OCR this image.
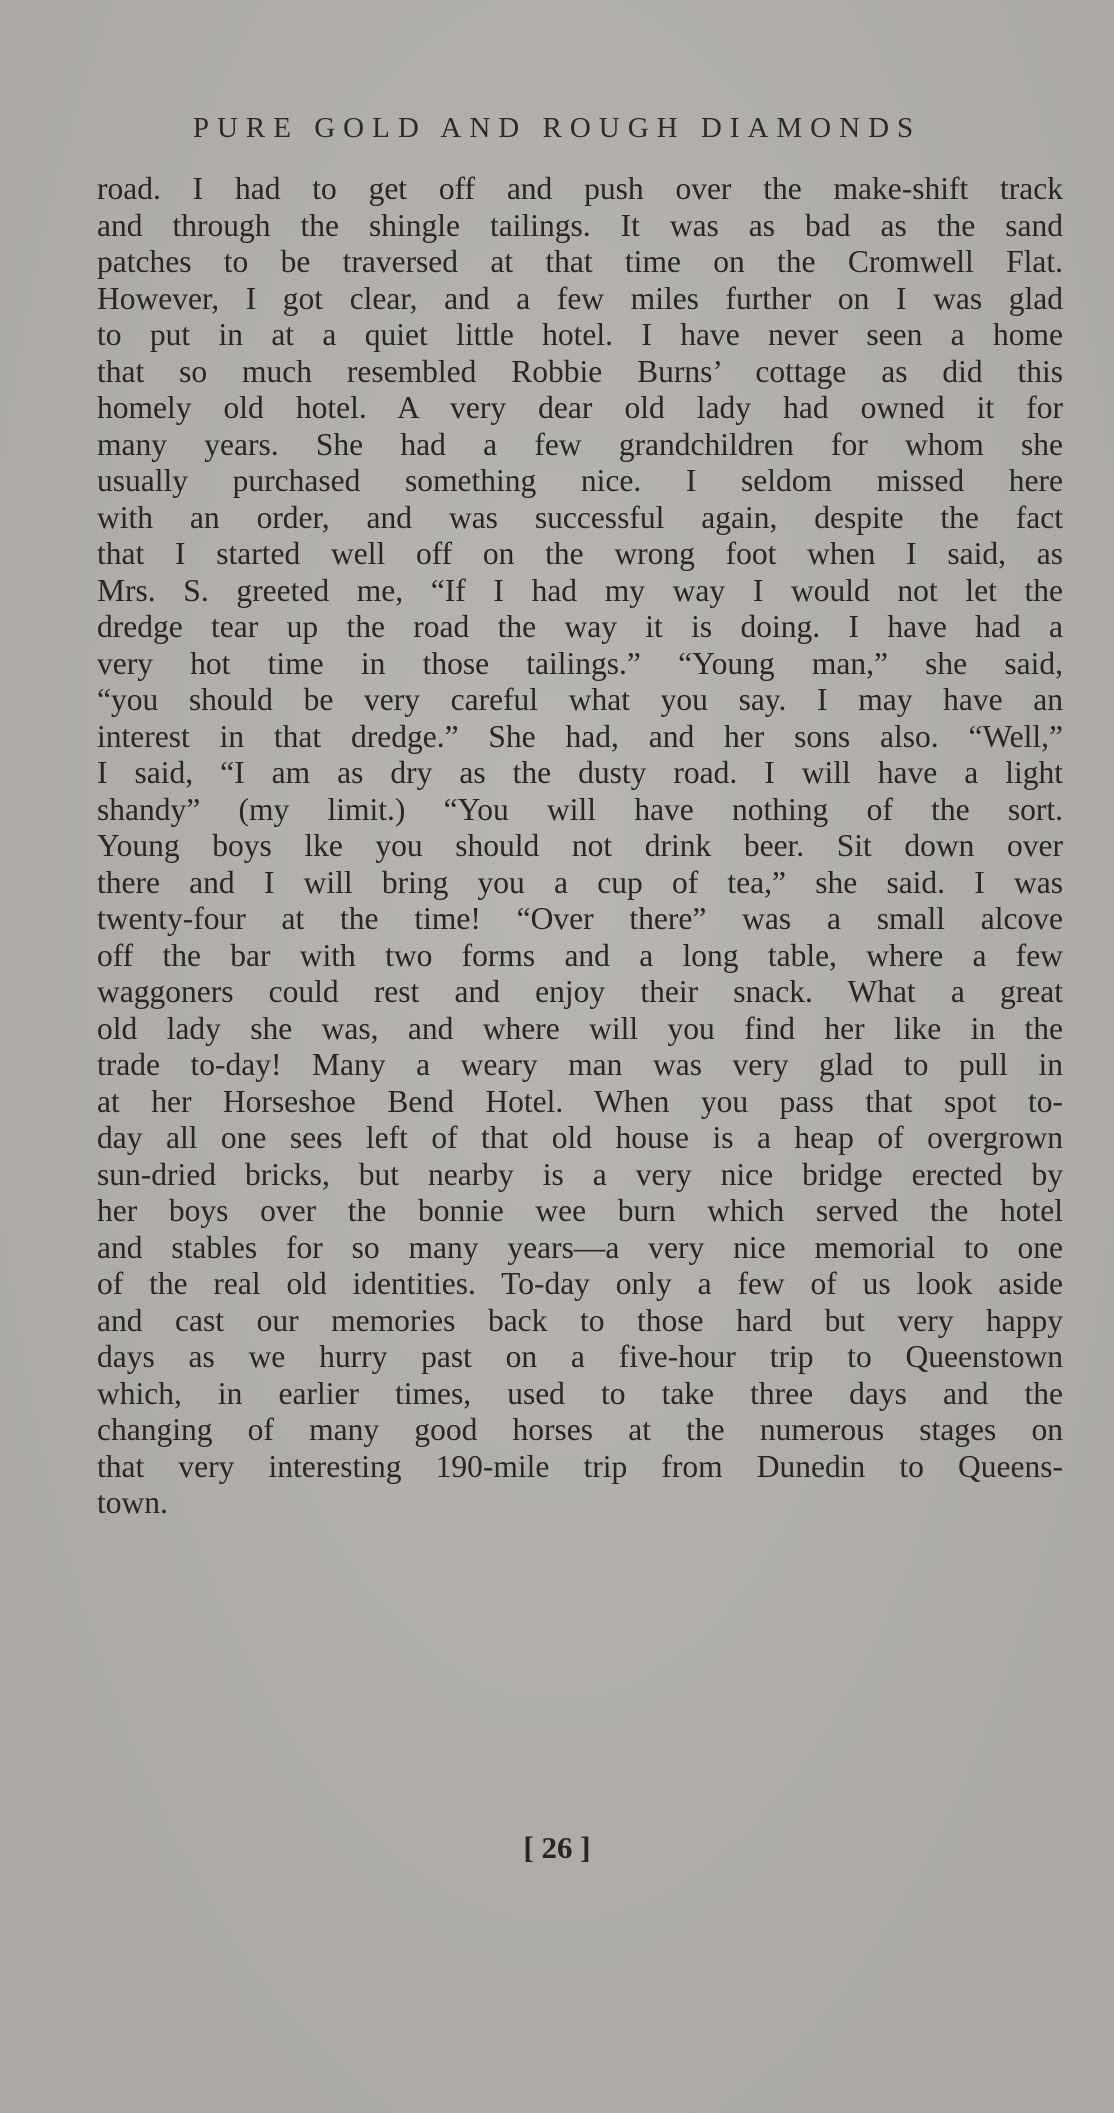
PURE GOLD AND ROUGH DIAMONDS
road. I had to get off and push over the make-shift track
and through the shingle tailings. It was as bad as the sand
patches to be traversed at that time on the Cromwell Flat.
However, I got clear, and a few miles further on I was glad
to put in at a quiet little hotel. I have never seen a home
that so much resembled Robbie Burns’ cottage as did this
homely old hotel. A very dear old lady had owned it for
many years. She had a few grandchildren for whom she
usually purchased something nice. I seldom missed here
with an order, and was successful again, despite the fact
that I started well off on the wrong foot when I said, as
Mrs. S. greeted me, “If I had my way I would not let the
dredge tear up the road the way it is doing. I have had a
very hot time in those tailings.” “Young man,” she said,
“you should be very careful what you say. I may have an
interest in that dredge.” She had, and her sons also. “Well,”
I said, “I am as dry as the dusty road. I will have a light
shandy” (my limit.) “You will have nothing of the sort.
Young boys lke you should not drink beer. Sit down over
there and I will bring you a cup of tea,” she said. I was
twenty-four at the time! “Over there” was a small alcove
off the bar with two forms and a long table, where a few
waggoners could rest and enjoy their snack. What a great
old lady she was, and where will you find her like in the
trade to-day! Many a weary man was very glad to pull in
at her Horseshoe Bend Hotel. When you pass that spot to-
day all one sees left of that old house is a heap of overgrown
sun-dried bricks, but nearby is a very nice bridge erected by
her boys over the bonnie wee burn which served the hotel
and stables for so many years—a very nice memorial to one
of the real old identities. To-day only a few of us look aside
and cast our memories back to those hard but very happy
days as we hurry past on a five-hour trip to Queenstown
which, in earlier times, used to take three days and the
changing of many good horses at the numerous stages on
that very interesting 190-mile trip from Dunedin to Queens-
town.
[ 26 ]
